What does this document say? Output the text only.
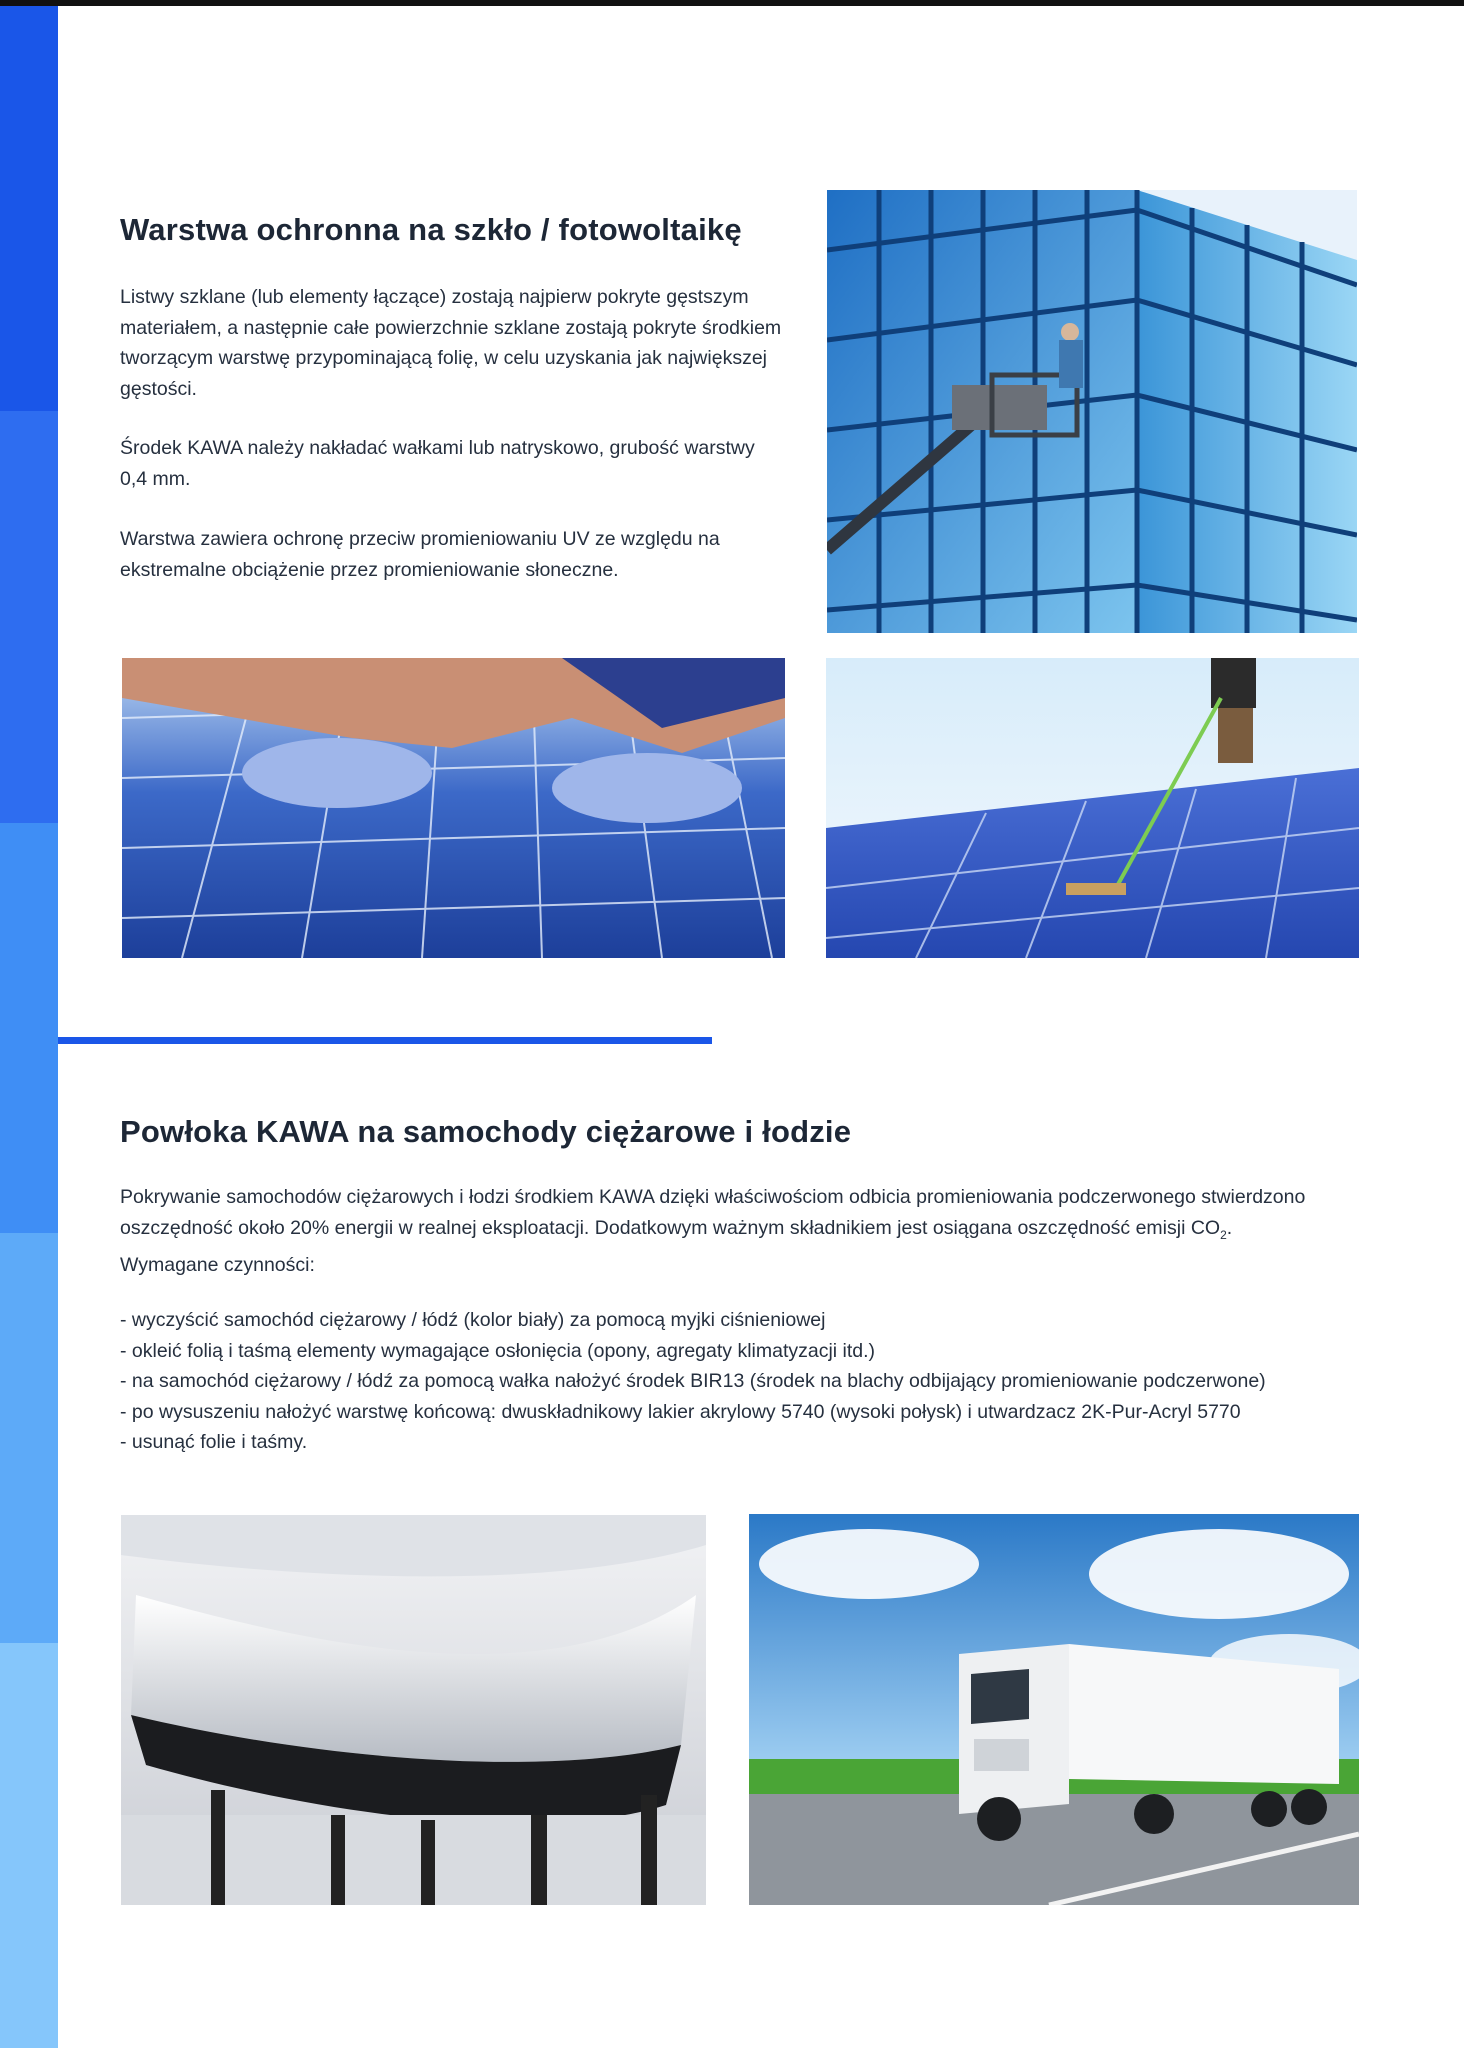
Warstwa ochronna na szkło / fotowoltaikę

Listwy szklane (lub elementy łączące) zostają najpierw pokryte gęstszym materiałem, a następnie całe powierzchnie szklane zostają pokryte środkiem tworzącym warstwę przypominającą folię, w celu uzyskania jak największej gęstości.

Środek KAWA należy nakładać wałkami lub natryskowo, grubość warstwy 0,4 mm.

Warstwa zawiera ochronę przeciw promieniowaniu UV ze względu na ekstremalne obciążenie przez promieniowanie słoneczne.

Powłoka KAWA na samochody ciężarowe i łodzie

Pokrywanie samochodów ciężarowych i łodzi środkiem KAWA dzięki właściwościom odbicia promieniowania podczerwonego stwierdzono oszczędność około 20% energii w realnej eksploatacji. Dodatkowym ważnym składnikiem jest osiągana oszczędność emisji $CO_2$.
Wymagane czynności:

- wyczyścić samochód ciężarowy / łódź (kolor biały) za pomocą myjki ciśnieniowej
- okleić folią i taśmą elementy wymagające osłonięcia (opony, agregaty klimatyzacji itd.)
- na samochód ciężarowy / łódź za pomocą wałka nałożyć środek BIR13 (środek na blachy odbijający promieniowanie podczerwone)
- po wysuszeniu nałożyć warstwę końcową: dwuskładnikowy lakier akrylowy 5740 (wysoki połysk) i utwardzacz 2K-Pur-Acryl 5770
- usunąć folie i taśmy.
